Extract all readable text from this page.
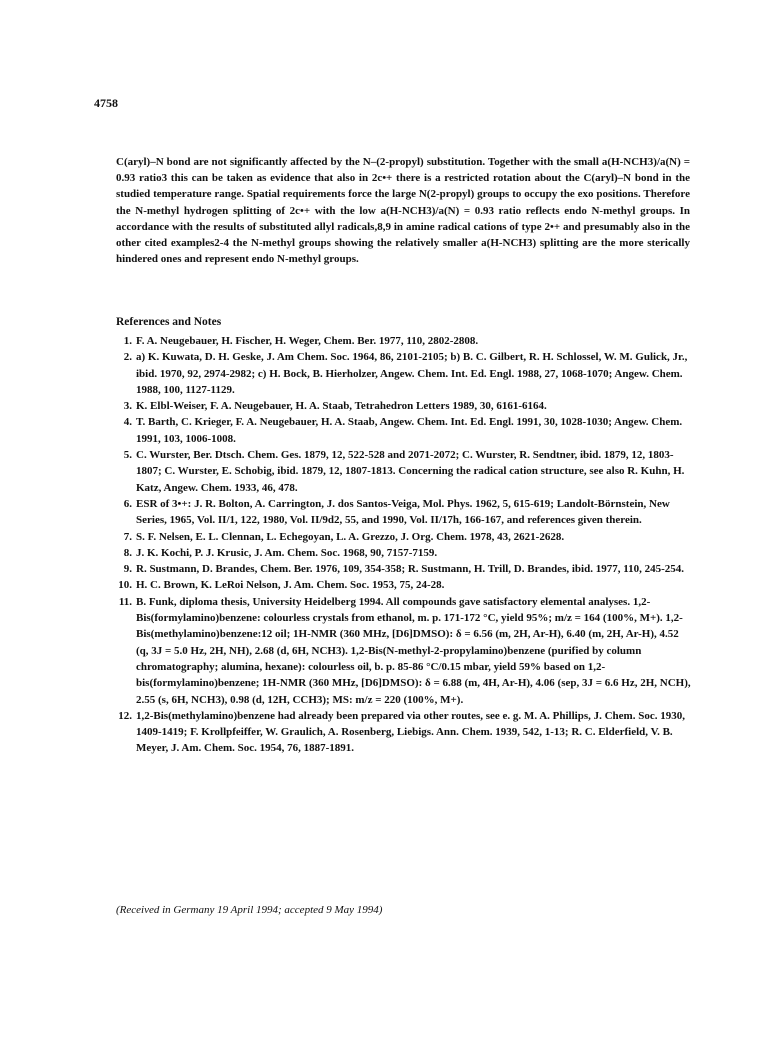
4758

C(aryl)–N bond are not significantly affected by the N–(2-propyl) substitution. Together with the small a(H-NCH3)/a(N) = 0.93 ratio3 this can be taken as evidence that also in 2c•+ there is a restricted rotation about the C(aryl)–N bond in the studied temperature range. Spatial requirements force the large N(2-propyl) groups to occupy the exo positions. Therefore the N-methyl hydrogen splitting of 2c•+ with the low a(H-NCH3)/a(N) = 0.93 ratio reflects endo N-methyl groups. In accordance with the results of substituted allyl radicals,8,9 in amine radical cations of type 2•+ and presumably also in the other cited examples2-4 the N-methyl groups showing the relatively smaller a(H-NCH3) splitting are the more sterically hindered ones and represent endo N-methyl groups.

References and Notes
1. F. A. Neugebauer, H. Fischer, H. Weger, Chem. Ber. 1977, 110, 2802-2808.
2. a) K. Kuwata, D. H. Geske, J. Am Chem. Soc. 1964, 86, 2101-2105; b) B. C. Gilbert, R. H. Schlossel, W. M. Gulick, Jr., ibid. 1970, 92, 2974-2982; c) H. Bock, B. Hierholzer, Angew. Chem. Int. Ed. Engl. 1988, 27, 1068-1070; Angew. Chem. 1988, 100, 1127-1129.
3. K. Elbl-Weiser, F. A. Neugebauer, H. A. Staab, Tetrahedron Letters 1989, 30, 6161-6164.
4. T. Barth, C. Krieger, F. A. Neugebauer, H. A. Staab, Angew. Chem. Int. Ed. Engl. 1991, 30, 1028-1030; Angew. Chem. 1991, 103, 1006-1008.
5. C. Wurster, Ber. Dtsch. Chem. Ges. 1879, 12, 522-528 and 2071-2072; C. Wurster, R. Sendtner, ibid. 1879, 12, 1803-1807; C. Wurster, E. Schobig, ibid. 1879, 12, 1807-1813. Concerning the radical cation structure, see also R. Kuhn, H. Katz, Angew. Chem. 1933, 46, 478.
6. ESR of 3•+: J. R. Bolton, A. Carrington, J. dos Santos-Veiga, Mol. Phys. 1962, 5, 615-619; Landolt-Börnstein, New Series, 1965, Vol. II/1, 122, 1980, Vol. II/9d2, 55, and 1990, Vol. II/17h, 166-167, and references given therein.
7. S. F. Nelsen, E. L. Clennan, L. Echegoyan, L. A. Grezzo, J. Org. Chem. 1978, 43, 2621-2628.
8. J. K. Kochi, P. J. Krusic, J. Am. Chem. Soc. 1968, 90, 7157-7159.
9. R. Sustmann, D. Brandes, Chem. Ber. 1976, 109, 354-358; R. Sustmann, H. Trill, D. Brandes, ibid. 1977, 110, 245-254.
10. H. C. Brown, K. LeRoi Nelson, J. Am. Chem. Soc. 1953, 75, 24-28.
11. B. Funk, diploma thesis, University Heidelberg 1994. All compounds gave satisfactory elemental analyses. 1,2-Bis(formylamino)benzene: colourless crystals from ethanol, m. p. 171-172 °C, yield 95%; m/z = 164 (100%, M+). 1,2-Bis(methylamino)benzene:12 oil; 1H-NMR (360 MHz, [D6]DMSO): δ = 6.56 (m, 2H, Ar-H), 6.40 (m, 2H, Ar-H), 4.52 (q, 3J = 5.0 Hz, 2H, NH), 2.68 (d, 6H, NCH3). 1,2-Bis(N-methyl-2-propylamino)benzene (purified by column chromatography; alumina, hexane): colourless oil, b. p. 85-86 °C/0.15 mbar, yield 59% based on 1,2-bis(formylamino)benzene; 1H-NMR (360 MHz, [D6]DMSO): δ = 6.88 (m, 4H, Ar-H), 4.06 (sep, 3J = 6.6 Hz, 2H, NCH), 2.55 (s, 6H, NCH3), 0.98 (d, 12H, CCH3); MS: m/z = 220 (100%, M+).
12. 1,2-Bis(methylamino)benzene had already been prepared via other routes, see e. g. M. A. Phillips, J. Chem. Soc. 1930, 1409-1419; F. Krollpfeiffer, W. Graulich, A. Rosenberg, Liebigs. Ann. Chem. 1939, 542, 1-13; R. C. Elderfield, V. B. Meyer, J. Am. Chem. Soc. 1954, 76, 1887-1891.
(Received in Germany 19 April 1994; accepted 9 May 1994)
